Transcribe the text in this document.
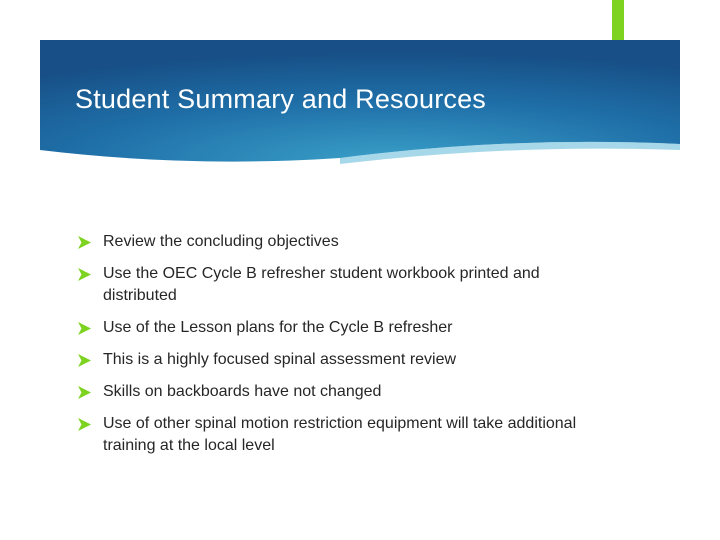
Student Summary and Resources
Review the concluding objectives
Use the OEC Cycle B refresher student workbook printed and distributed
Use of the Lesson plans for the Cycle B refresher
This is a highly focused spinal assessment review
Skills on backboards have not changed
Use of other spinal motion restriction equipment will take additional training at the local level
